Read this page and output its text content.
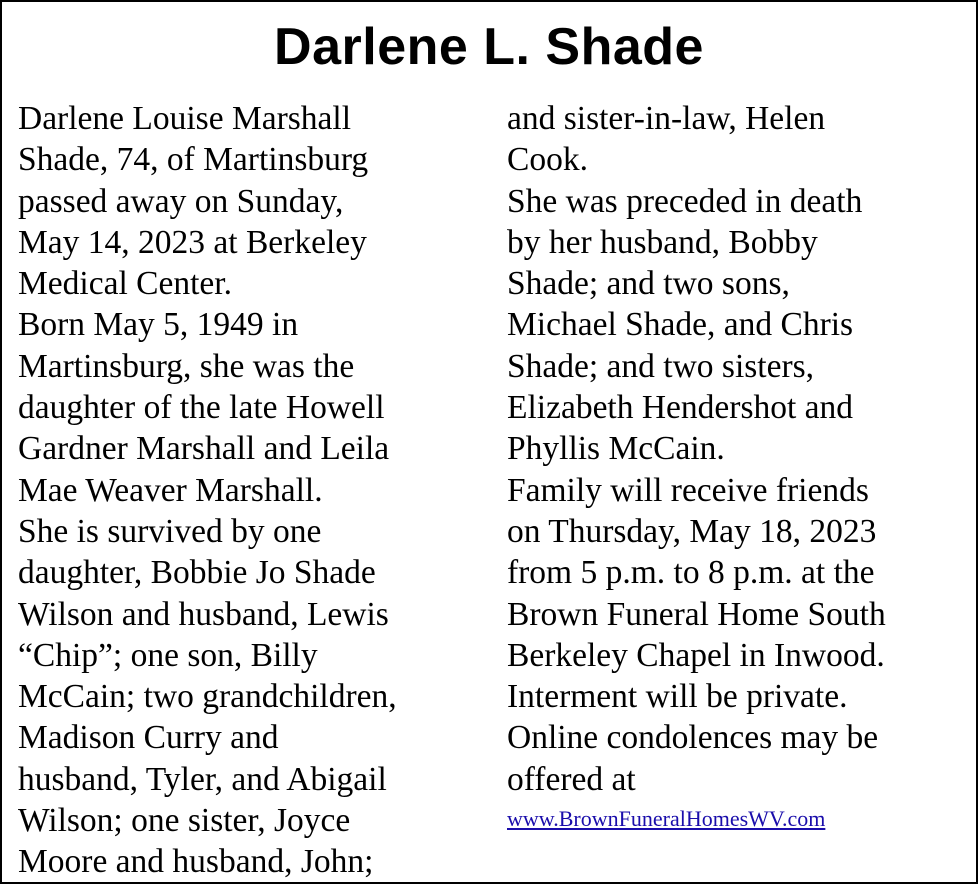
Darlene L. Shade
Darlene Louise Marshall
Shade, 74, of Martinsburg
passed away on Sunday,
May 14, 2023 at Berkeley
Medical Center.
Born May 5, 1949 in
Martinsburg, she was the
daughter of the late Howell
Gardner Marshall and Leila
Mae Weaver Marshall.
She is survived by one
daughter, Bobbie Jo Shade
Wilson and husband, Lewis
“Chip”; one son, Billy
McCain; two grandchildren,
Madison Curry and
husband, Tyler, and Abigail
Wilson; one sister, Joyce
Moore and husband, John;
and sister-in-law, Helen
Cook.
She was preceded in death
by her husband, Bobby
Shade; and two sons,
Michael Shade, and Chris
Shade; and two sisters,
Elizabeth Hendershot and
Phyllis McCain.
Family will receive friends
on Thursday, May 18, 2023
from 5 p.m. to 8 p.m. at the
Brown Funeral Home South
Berkeley Chapel in Inwood.
Interment will be private.
Online condolences may be
offered at
www.BrownFuneralHomesWV.com
